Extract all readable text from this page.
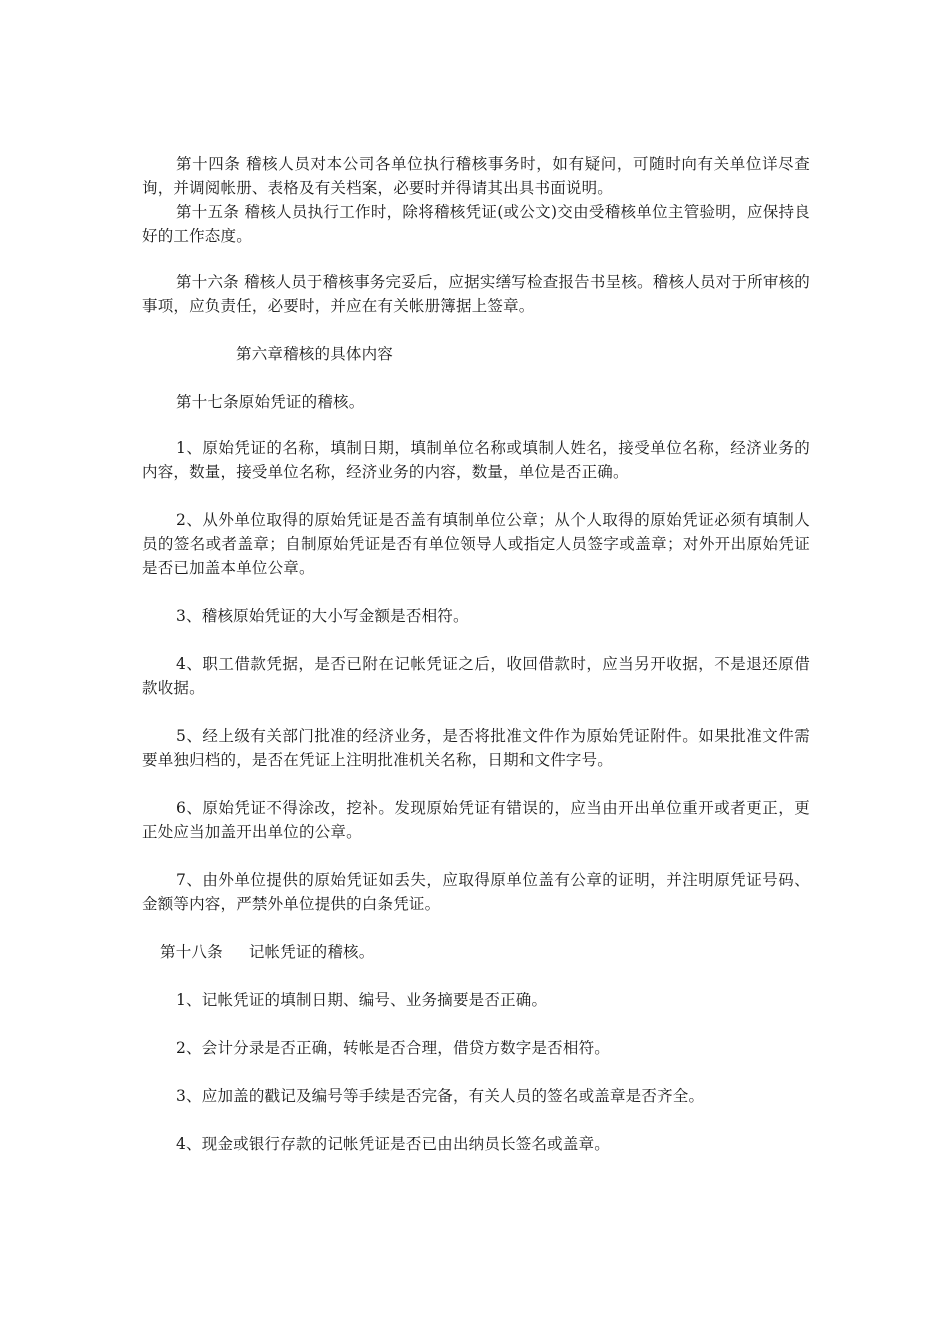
第十四条 稽核人员对本公司各单位执行稽核事务时，如有疑问，可随时向有关单位详尽查询，并调阅帐册、表格及有关档案，必要时并得请其出具书面说明。

第十五条 稽核人员执行工作时，除将稽核凭证(或公文)交由受稽核单位主管验明，应保持良好的工作态度。

第十六条 稽核人员于稽核事务完妥后，应据实缮写检查报告书呈核。稽核人员对于所审核的事项，应负责任，必要时，并应在有关帐册簿据上签章。

第六章稽核的具体内容

第十七条原始凭证的稽核。

1、原始凭证的名称，填制日期，填制单位名称或填制人姓名，接受单位名称，经济业务的内容，数量，接受单位名称，经济业务的内容，数量，单位是否正确。

2、从外单位取得的原始凭证是否盖有填制单位公章；从个人取得的原始凭证必须有填制人员的签名或者盖章；自制原始凭证是否有单位领导人或指定人员签字或盖章；对外开出原始凭证是否已加盖本单位公章。

3、稽核原始凭证的大小写金额是否相符。

4、职工借款凭据，是否已附在记帐凭证之后，收回借款时，应当另开收据，不是退还原借款收据。

5、经上级有关部门批准的经济业务，是否将批准文件作为原始凭证附件。如果批准文件需要单独归档的，是否在凭证上注明批准机关名称，日期和文件字号。

6、原始凭证不得涂改，挖补。发现原始凭证有错误的，应当由开出单位重开或者更正，更正处应当加盖开出单位的公章。

7、由外单位提供的原始凭证如丢失，应取得原单位盖有公章的证明，并注明原凭证号码、金额等内容，严禁外单位提供的白条凭证。

第十八条 记帐凭证的稽核。

1、记帐凭证的填制日期、编号、业务摘要是否正确。

2、会计分录是否正确，转帐是否合理，借贷方数字是否相符。

3、应加盖的戳记及编号等手续是否完备，有关人员的签名或盖章是否齐全。

4、现金或银行存款的记帐凭证是否已由出纳员长签名或盖章。
